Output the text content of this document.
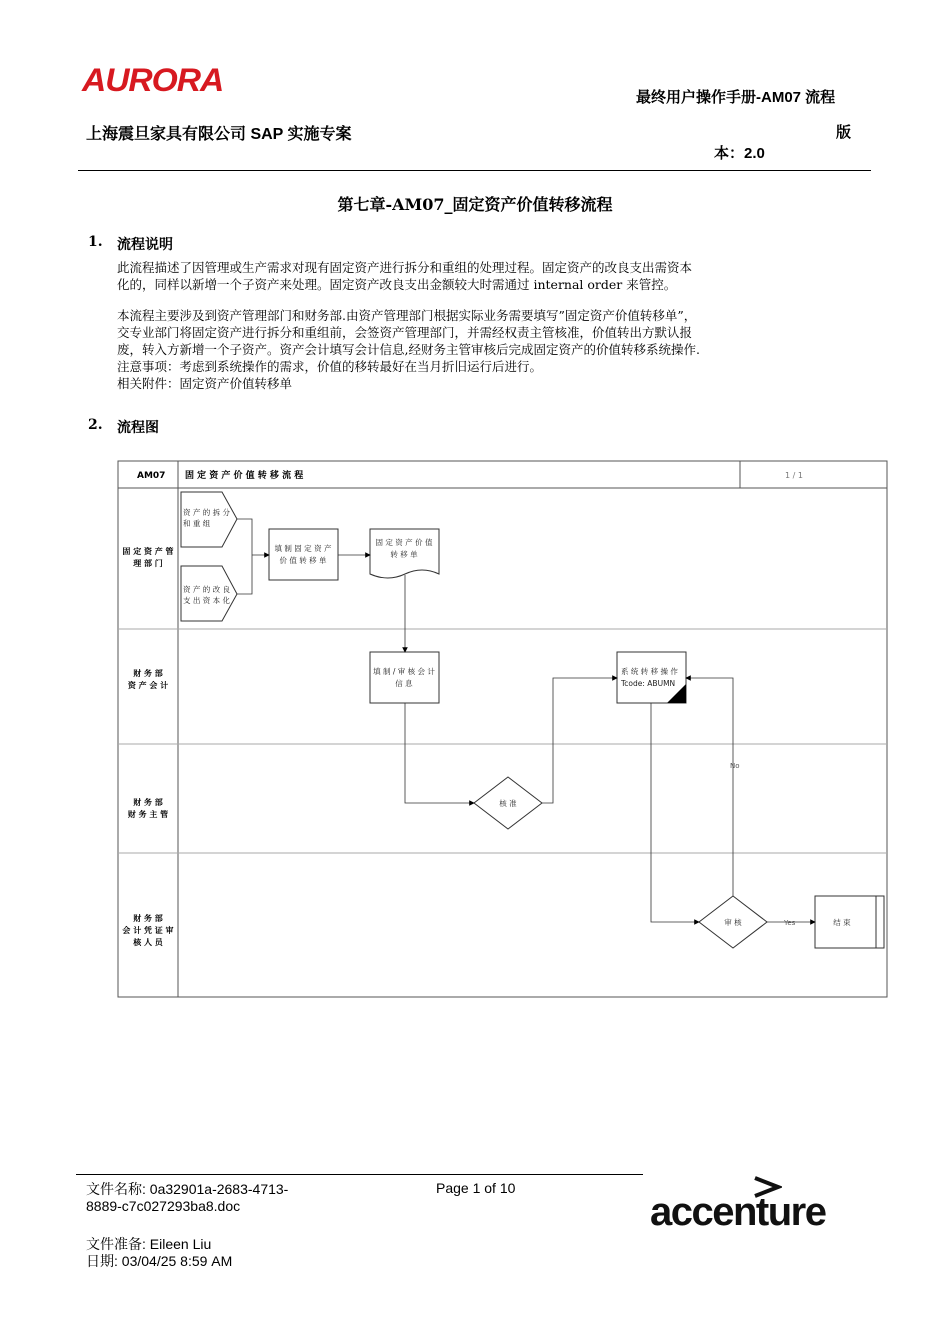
AURORA	最终用户操作手册-AM07 流程
版
本：2.0
上海震旦家具有限公司 SAP 实施专案
第七章-AM07_固定资产价值转移流程
1. 流程说明

此流程描述了因管理或生产需求对现有固定资产进行拆分和重组的处理过程。固定资产的改良支出需资本

化的，同样以新增一个子资产来处理。固定资产改良支出金额较大时需通过 internal order 来管控。

本流程主要涉及到资产管理部门和财务部.由资产管理部门根据实际业务需要填写”固定资产价值转移单”，

交专业部门将固定资产进行拆分和重组前，会签资产管理部门，并需经权责主管核准，价值转出方默认报

废，转入方新增一个子资产。资产会计填写会计信息,经财务主管审核后完成固定资产的价值转移系统操作.

注意事项：考虑到系统操作的需求，价值的移转最好在当月折旧运行后进行。

相关附件：固定资产价值转移单

2. 流程图
AM07 固 定 资 产 价 值 转 移 流 程	1 / 1
固 定 资 产 管
理 部 门
财 务 部
资 产 会 计
财 务 部
财 务 主 管
财 务 部
会 计 凭 证 审
核 人 员
资 产 的 拆 分
和 重 组
资 产 的 改 良
支 出 资 本 化
填 制 固 定 资 产
价 值 转 移 单
固 定 资 产 价 值
转 移 单
填 制 / 审 核 会 计
信 息
核 准
系 统 转 移 操 作
Tcode: ABUMN
审 核	结 束
No
Yes
文件名称: 0a32901a-2683-4713-
8889-c7c027293ba8.doc
Page 1 of 10
文件准备: Eileen Liu
日期: 03/04/25 8:59 AM
accenture
